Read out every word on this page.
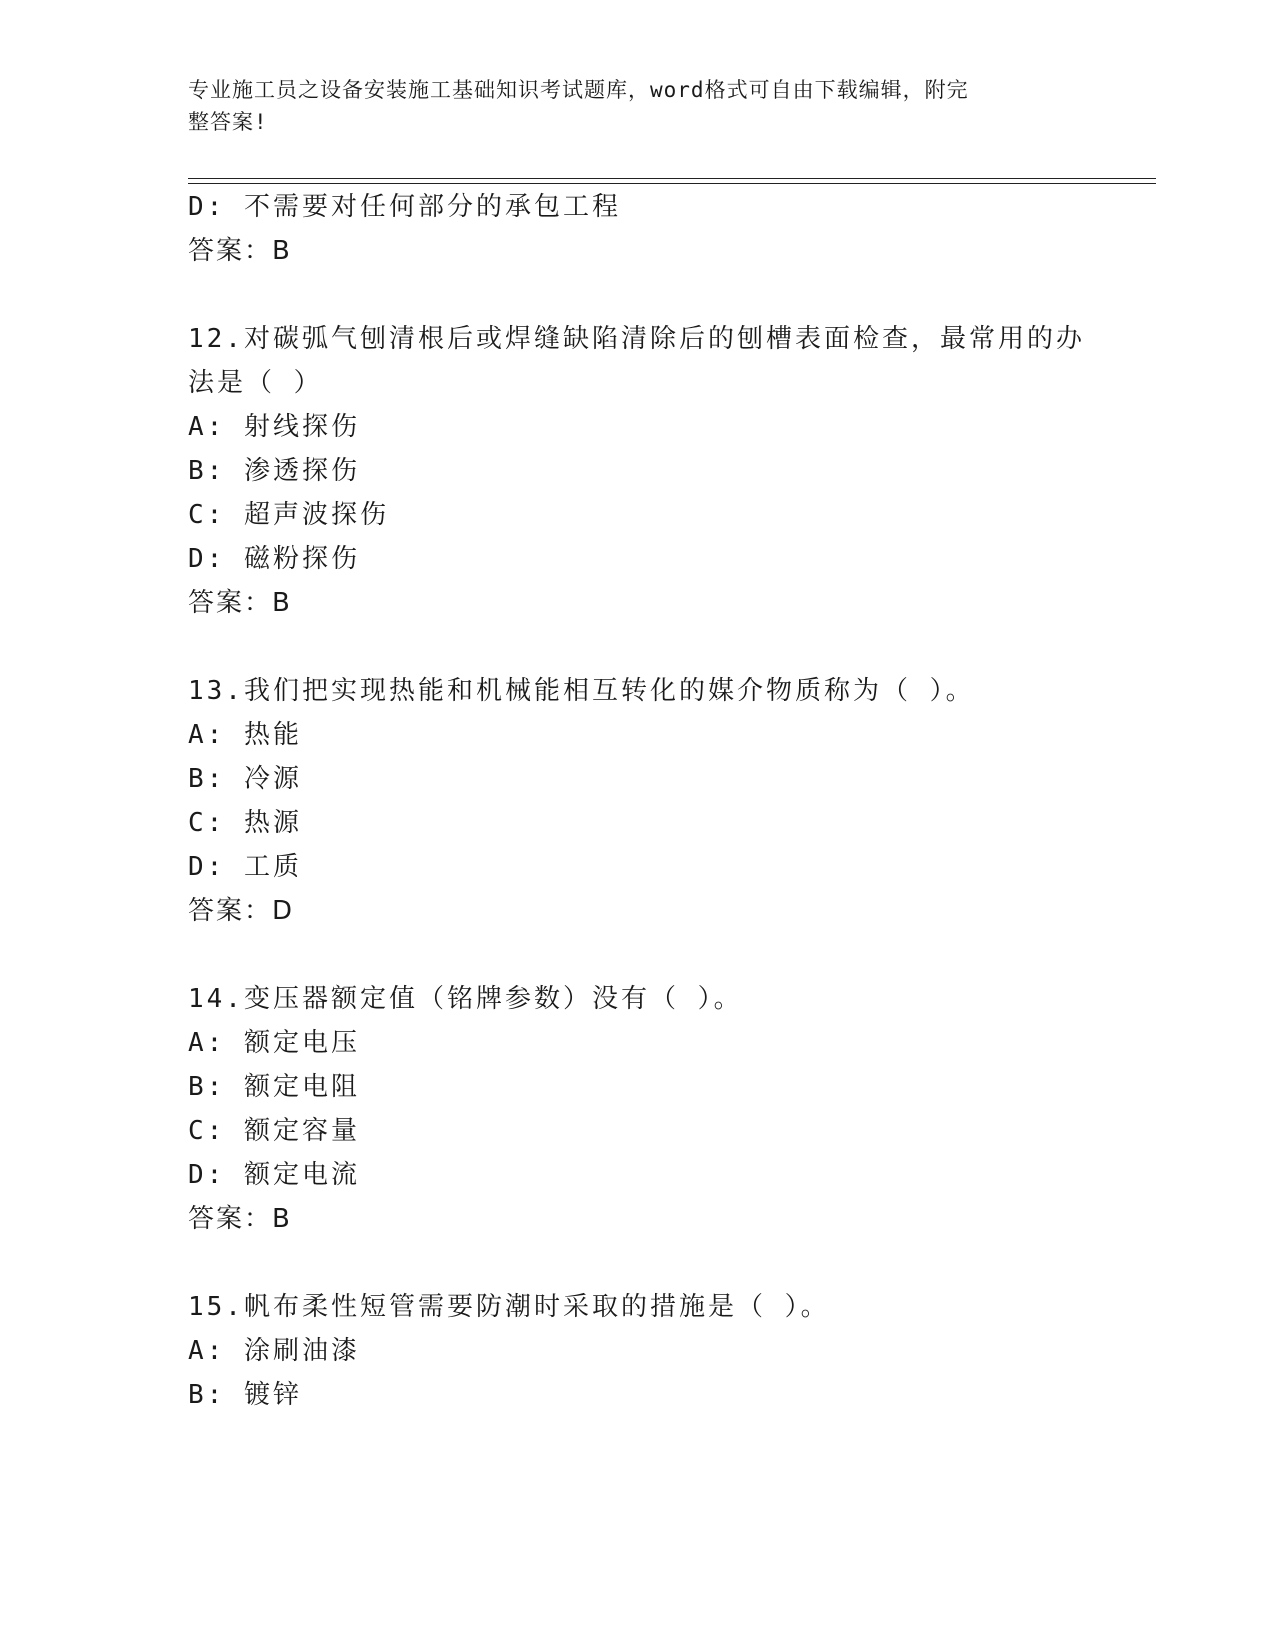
专业施工员之设备安装施工基础知识考试题库，word格式可自由下载编辑，附完
整答案!
D: 不需要对任何部分的承包工程
答案：B
12.对碳弧气刨清根后或焊缝缺陷清除后的刨槽表面检查，最常用的办
法是（ ）
A: 射线探伤
B: 渗透探伤
C: 超声波探伤
D: 磁粉探伤
答案：B
13.我们把实现热能和机械能相互转化的媒介物质称为（ ）。
A: 热能
B: 冷源
C: 热源
D: 工质
答案：D
14.变压器额定值（铭牌参数）没有（ ）。
A: 额定电压
B: 额定电阻
C: 额定容量
D: 额定电流
答案：B
15.帆布柔性短管需要防潮时采取的措施是（ ）。
A: 涂刷油漆
B: 镀锌
